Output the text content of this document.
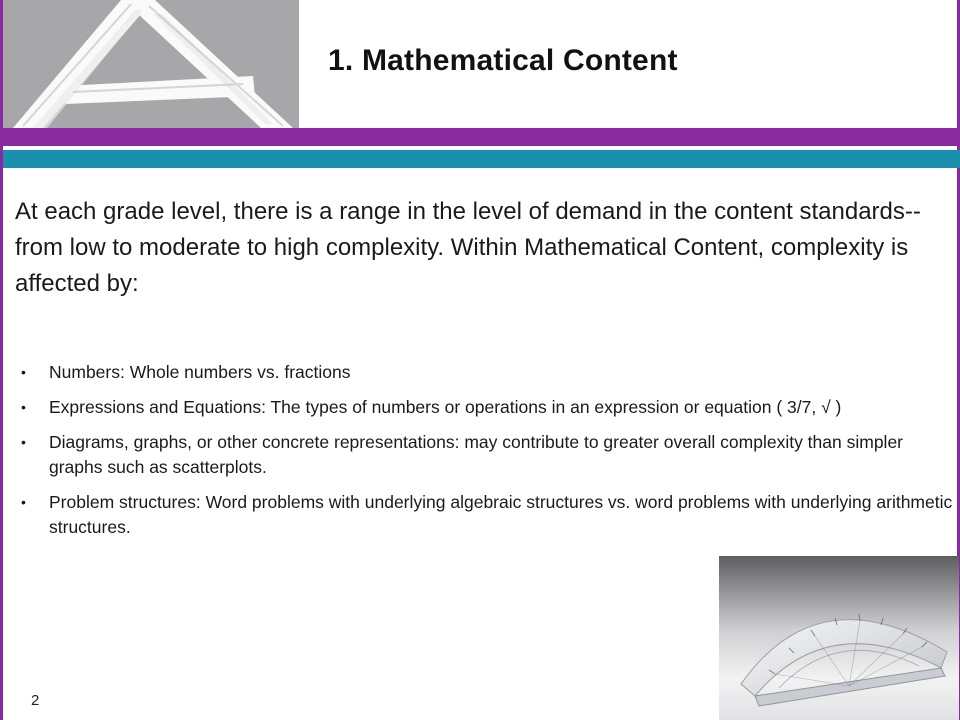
1. Mathematical Content
At each grade level, there is a range in the level of demand in the content standards--from low to moderate to high complexity. Within Mathematical Content, complexity is affected by:
• Numbers: Whole numbers vs. fractions
• Expressions and Equations: The types of numbers or operations in an expression or equation ( 3/7, √ )
• Diagrams, graphs, or other concrete representations: may contribute to greater overall complexity than simpler graphs such as scatterplots.
• Problem structures: Word problems with underlying algebraic structures vs. word problems with underlying arithmetic structures.
2
